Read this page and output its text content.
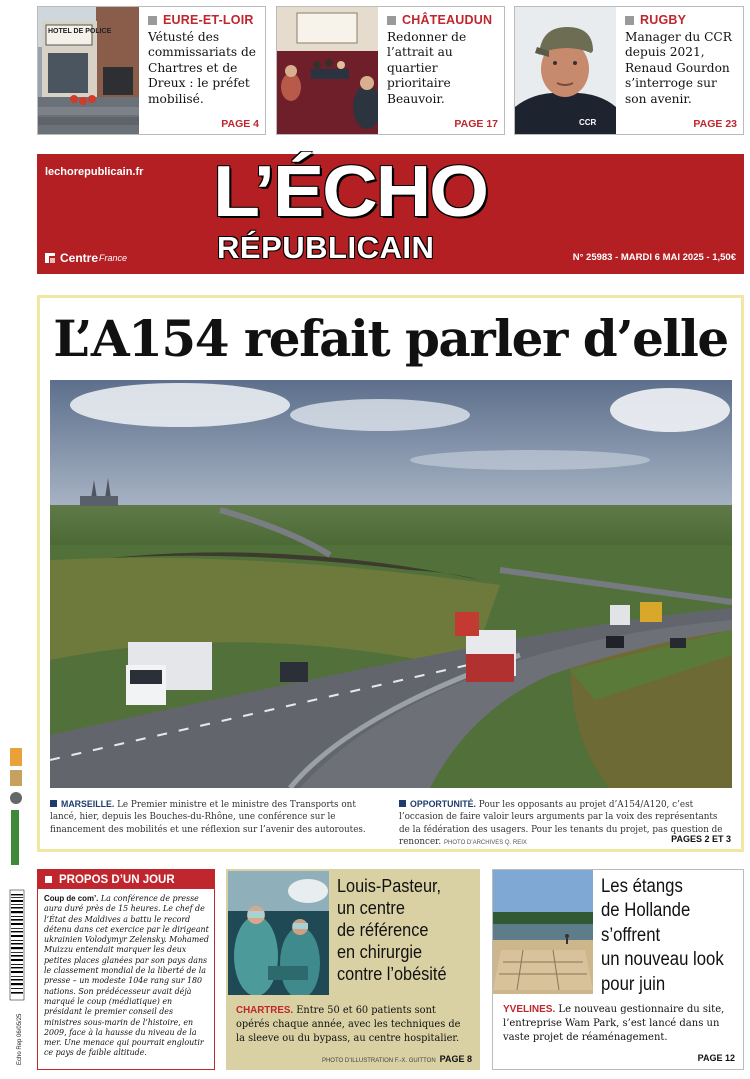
HOTEL DE POLICE
EURE-ET-LOIR
Vétusté des commissariats de Chartres et de Dreux : le préfet mobilisé.
PAGE 4
CHÂTEAUDUN
Redonner de l’attrait au quartier prioritaire Beauvoir.
PAGE 17	CCR
RUGBY
Manager du CCR depuis 2021, Renaud Gourdon s’interroge sur son avenir.
PAGE 23
lechorepublicain.fr L’ÉCHO
RÉPUBLICAIN
Centre France	N° 25983 - MARDI 6 MAI 2025 - 1,50€
L’A154 refait parler d’elle
MARSEILLE. Le Premier ministre et le ministre des Transports ont lancé, hier, depuis les Bouches-du-Rhône, une conférence sur le financement des mobilités et une réflexion sur l’avenir des autoroutes.
OPPORTUNITÉ. Pour les opposants au projet d’A154/A120, c’est l’occasion de faire valoir leurs arguments par la voix des représentants de la fédération des usagers. Pour les tenants du projet, pas question de renoncer. PHOTO D’ARCHIVES Q. REIX	PAGES 2 ET 3
Echo Rep 06/05/25
PROPOS D’UN JOUR
Coup de com’. La conférence de presse aura duré près de 15 heures. Le chef de l’État des Maldives a battu le record détenu dans cet exercice par le dirigeant ukrainien Volodymyr Zelensky. Mohamed Muizzu entendait marquer les deux petites places glanées par son pays dans le classement mondial de la liberté de la presse – un modeste 104e rang sur 180 nations. Son prédécesseur avait déjà marqué le coup (médiatique) en présidant le premier conseil des ministres sous-marin de l’histoire, en 2009, face à la hausse du niveau de la mer. Une menace qui pourrait engloutir ce pays de faible altitude.
Louis-Pasteur,
un centre
de référence
en chirurgie
contre l’obésité
CHARTRES. Entre 50 et 60 patients sont opérés chaque année, avec les techniques de la sleeve ou du bypass, au centre hospitalier.
PHOTO D’ILLUSTRATION F.-X. GUITTON PAGE 8
Les étangs
de Hollande
s’offrent
un nouveau look
pour juin
YVELINES. Le nouveau gestionnaire du site, l’entreprise Wam Park, s’est lancé dans un vaste projet de réaménagement.
PAGE 12
